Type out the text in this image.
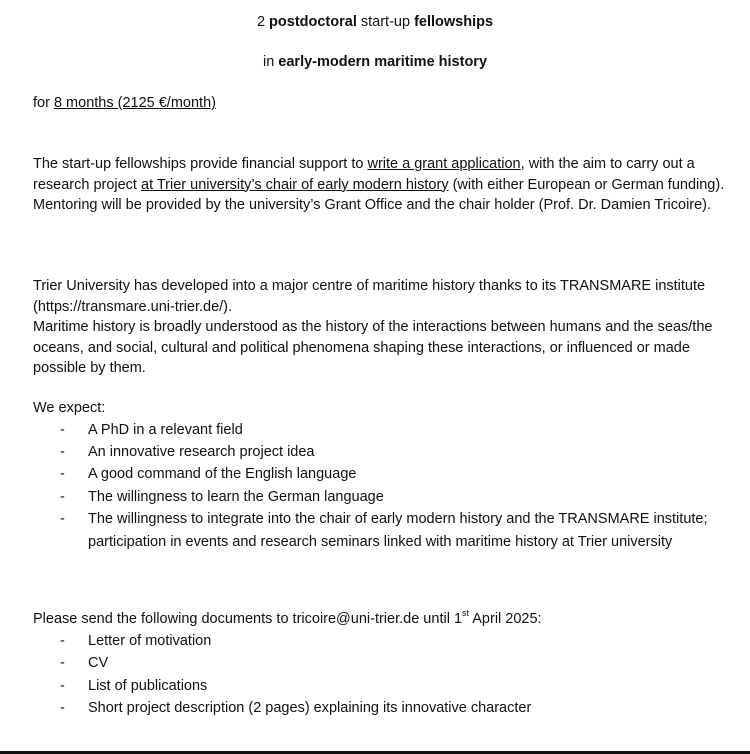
2 postdoctoral start-up fellowships
in early-modern maritime history
for 8 months (2125 €/month)

The start-up fellowships provide financial support to write a grant application, with the aim to carry out a research project at Trier university’s chair of early modern history (with either European or German funding).

Mentoring will be provided by the university’s Grant Office and the chair holder (Prof. Dr. Damien Tricoire).

Trier University has developed into a major centre of maritime history thanks to its TRANSMARE institute (https://transmare.uni-trier.de/).

Maritime history is broadly understood as the history of the interactions between humans and the seas/the oceans, and social, cultural and political phenomena shaping these interactions, or influenced or made possible by them.

We expect:

- A PhD in a relevant field
- An innovative research project idea
- A good command of the English language
- The willingness to learn the German language
- The willingness to integrate into the chair of early modern history and the TRANSMARE institute; participation in events and research seminars linked with maritime history at Trier university

Please send the following documents to tricoire@uni-trier.de until 1st April 2025:

- Letter of motivation
- CV
- List of publications
- Short project description (2 pages) explaining its innovative character
